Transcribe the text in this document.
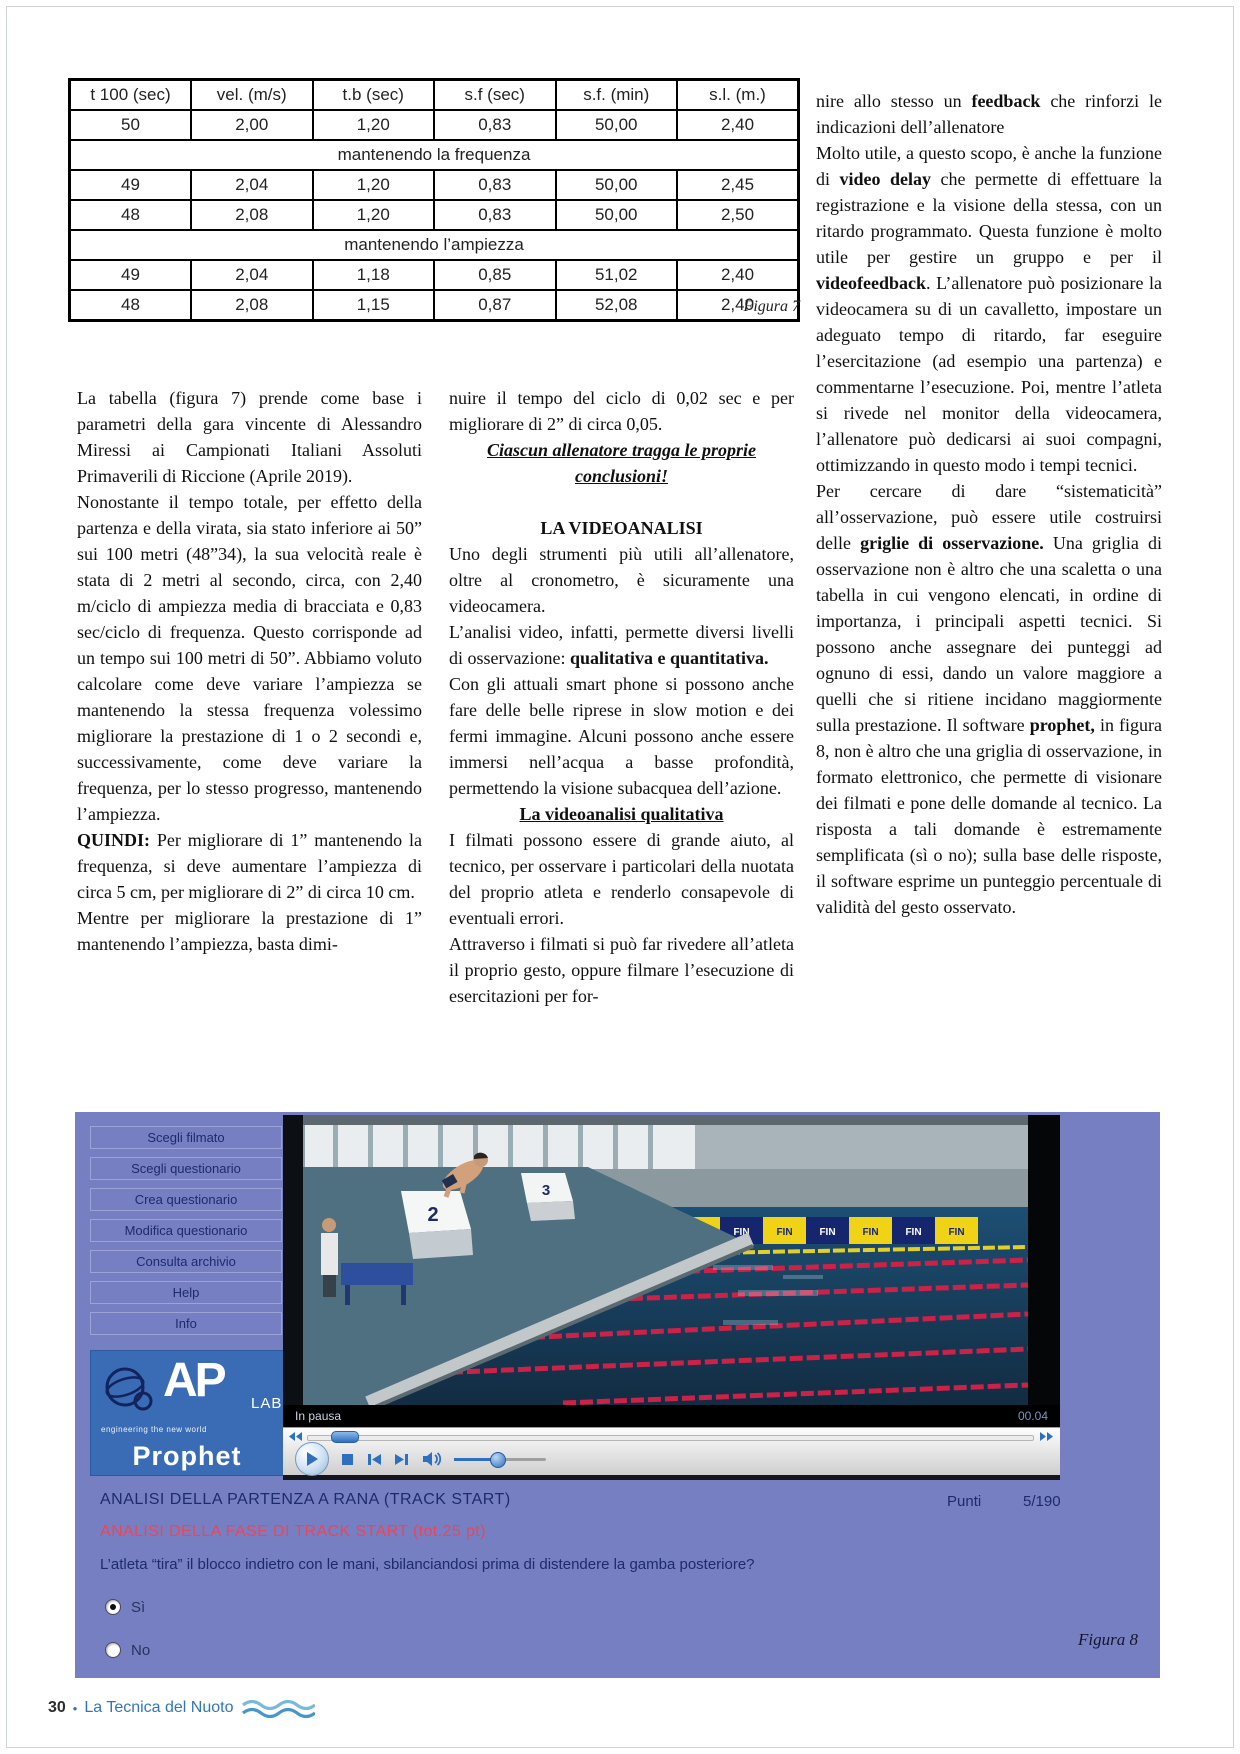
t 100 (sec)	vel. (m/s)	t.b (sec)	s.f (sec)	s.f. (min)	s.l. (m.)
50	2,00	1,20	0,83	50,00	2,40
mantenendo la frequenza					
49	2,04	1,20	0,83	50,00	2,45
48	2,08	1,20	0,83	50,00	2,50
mantenendo l’ampiezza					
49	2,04	1,18	0,85	51,02	2,40
48	2,08	1,15	0,87	52,08	2,40
Figura 7

La tabella (figura 7) prende come base i parametri della gara vincente di Alessandro Miressi ai Campionati Italiani Assoluti Primaverili di Riccione (Aprile 2019).

Nonostante il tempo totale, per effetto della partenza e della virata, sia stato inferiore ai 50” sui 100 metri (48”34), la sua velocità reale è stata di 2 metri al secondo, circa, con 2,40 m/ciclo di ampiezza media di bracciata e 0,83 sec/ciclo di frequenza. Questo corrisponde ad un tempo sui 100 metri di 50”. Abbiamo voluto calcolare come deve variare l’ampiezza se mantenendo la stessa frequenza volessimo migliorare la prestazione di 1 o 2 secondi e, successivamente, come deve variare la frequenza, per lo stesso progresso, mantenendo l’ampiezza.

QUINDI: Per migliorare di 1” mantenendo la frequenza, si deve aumentare l’ampiezza di circa 5 cm, per migliorare di 2” di circa 10 cm.

Mentre per migliorare la prestazione di 1” mantenendo l’ampiezza, basta dimi-

nuire il tempo del ciclo di 0,02 sec e per migliorare di 2” di circa 0,05.

Ciascun allenatore tragga le proprie conclusioni!

LA VIDEOANALISI

Uno degli strumenti più utili all’allenatore, oltre al cronometro, è sicuramente una videocamera.

L’analisi video, infatti, permette diversi livelli di osservazione: qualitativa e quantitativa.

Con gli attuali smart phone si possono anche fare delle belle riprese in slow motion e dei fermi immagine. Alcuni possono anche essere immersi nell’acqua a basse profondità, permettendo la visione subacquea dell’azione.

La videoanalisi qualitativa

I filmati possono essere di grande aiuto, al tecnico, per osservare i particolari della nuotata del proprio atleta e renderlo consapevole di eventuali errori.

Attraverso i filmati si può far rivedere all’atleta il proprio gesto, oppure filmare l’esecuzione di esercitazioni per for-

nire allo stesso un feedback che rinforzi le indicazioni dell’allenatore

Molto utile, a questo scopo, è anche la funzione di video delay che permette di effettuare la registrazione e la visione della stessa, con un ritardo programmato. Questa funzione è molto utile per gestire un gruppo e per il videofeedback. L’allenatore può posizionare la videocamera su di un cavalletto, impostare un adeguato tempo di ritardo, far eseguire l’esercitazione (ad esempio una partenza) e commentarne l’esecuzione. Poi, mentre l’atleta si rivede nel monitor della videocamera, l’allenatore può dedicarsi ai suoi compagni, ottimizzando in questo modo i tempi tecnici.

Per cercare di dare “sistematicità” all’osservazione, può essere utile costruirsi delle griglie di osservazione. Una griglia di osservazione non è altro che una scaletta o una tabella in cui vengono elencati, in ordine di importanza, i principali aspetti tecnici. Si possono anche assegnare dei punteggi ad ognuno di essi, dando un valore maggiore a quelli che si ritiene incidano maggiormente sulla prestazione. Il software prophet, in figura 8, non è altro che una griglia di osservazione, in formato elettronico, che permette di visionare dei filmati e pone delle domande al tecnico. La risposta a tali domande è estremamente semplificata (sì o no); sulla base delle risposte, il software esprime un punteggio percentuale di validità del gesto osservato.

Scegli filmato
Scegli questionario
Crea questionario
Modifica questionario
Consulta archivio
Help
Info
AP LAB
engineering the new world
Prophet
FIN	FIN	FIN	FIN	FIN	FIN
3
2
In pausa	00.04
ANALISI DELLA PARTENZA A RANA (TRACK START)	Punti	5/190
ANALISI DELLA FASE DI TRACK START (tot.25 pt)
L’atleta “tira” il blocco indietro con le mani, sbilanciandosi prima di distendere la gamba posteriore?
Sì
No
Figura 8
30 • La Tecnica del Nuoto
